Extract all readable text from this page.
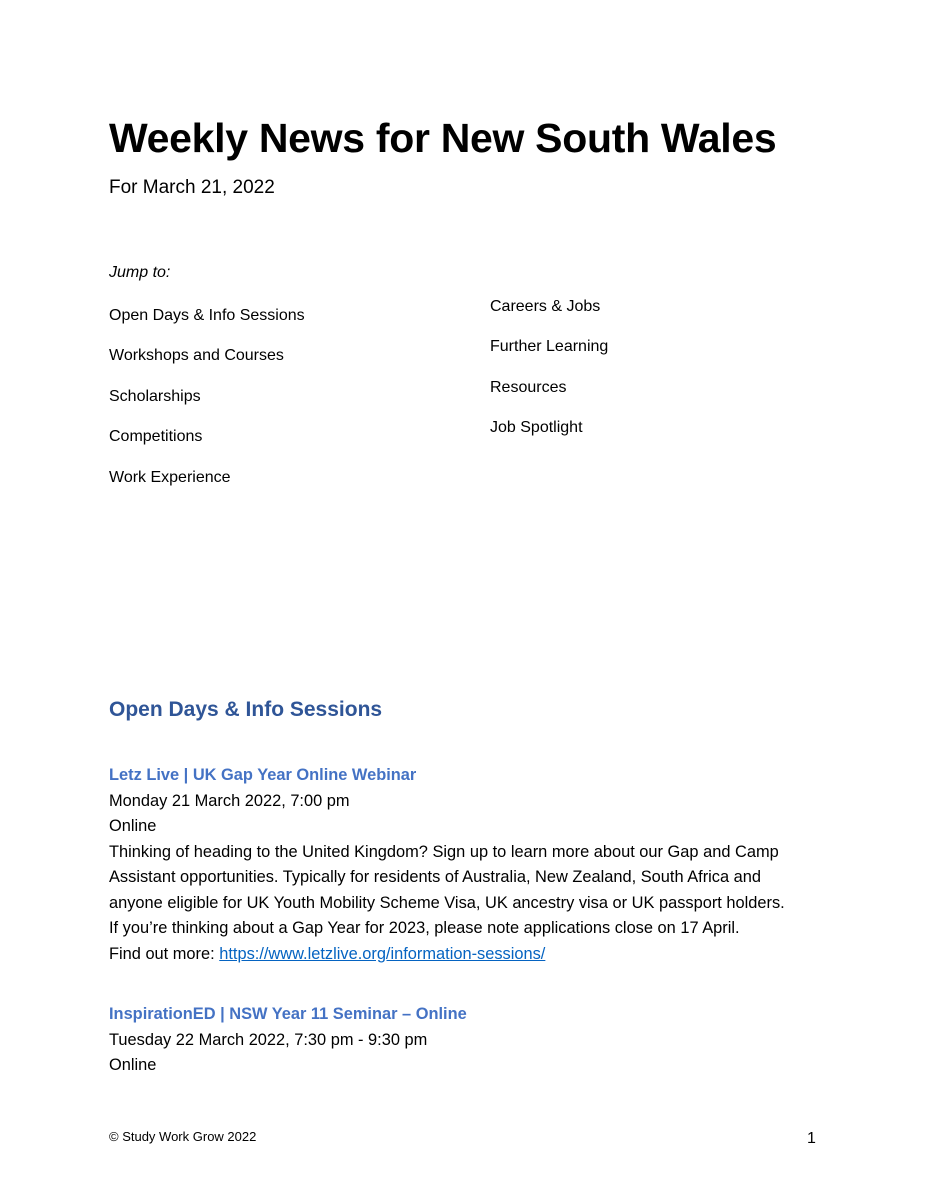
Weekly News for New South Wales
For March 21, 2022
Jump to:
Open Days & Info Sessions
Workshops and Courses
Scholarships
Competitions
Work Experience
Careers & Jobs
Further Learning
Resources
Job Spotlight
Open Days & Info Sessions
Letz Live | UK Gap Year Online Webinar
Monday 21 March 2022, 7:00 pm
Online
Thinking of heading to the United Kingdom? Sign up to learn more about our Gap and Camp
Assistant opportunities. Typically for residents of Australia, New Zealand, South Africa and
anyone eligible for UK Youth Mobility Scheme Visa, UK ancestry visa or UK passport holders.
If you’re thinking about a Gap Year for 2023, please note applications close on 17 April.
Find out more: https://www.letzlive.org/information-sessions/
InspirationED | NSW Year 11 Seminar – Online
Tuesday 22 March 2022, 7:30 pm - 9:30 pm
Online
© Study Work Grow 2022	1
